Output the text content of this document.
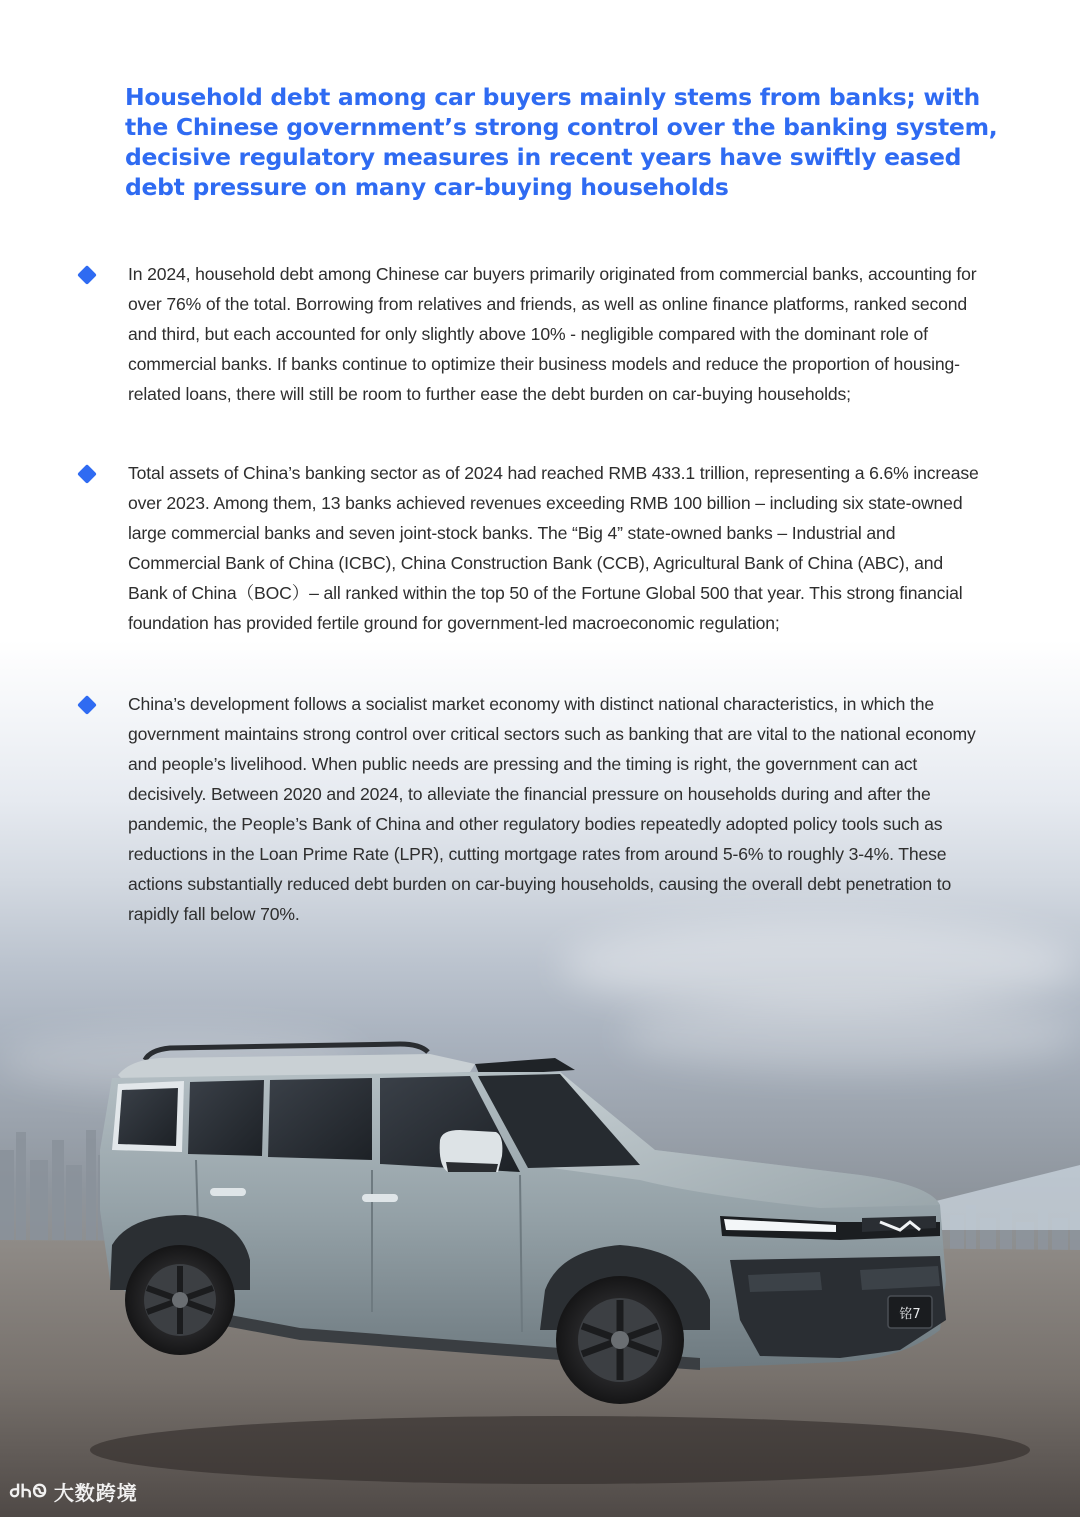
Household debt among car buyers mainly stems from banks; with the Chinese government’s strong control over the banking system, decisive regulatory measures in recent years have swiftly eased debt pressure on many car-buying households
In 2024, household debt among Chinese car buyers primarily originated from commercial banks, accounting for over 76% of the total. Borrowing from relatives and friends, as well as online finance platforms, ranked second and third, but each accounted for only slightly above 10% - negligible compared with the dominant role of commercial banks. If banks continue to optimize their business models and reduce the proportion of housing-related loans, there will still be room to further ease the debt burden on car-buying households;
Total assets of China’s banking sector as of 2024 had reached RMB 433.1 trillion, representing a 6.6% increase over 2023. Among them, 13 banks achieved revenues exceeding RMB 100 billion – including six state-owned large commercial banks and seven joint-stock banks. The “Big 4” state-owned banks – Industrial and Commercial Bank of China (ICBC), China Construction Bank (CCB), Agricultural Bank of China (ABC), and Bank of China（BOC）– all ranked within the top 50 of the Fortune Global 500 that year. This strong financial foundation has provided fertile ground for government-led macroeconomic regulation;
China’s development follows a socialist market economy with distinct national characteristics, in which the government maintains strong control over critical sectors such as banking that are vital to the national economy and people’s livelihood. When public needs are pressing and the timing is right, the government can act decisively. Between 2020 and 2024, to alleviate the financial pressure on households during and after the pandemic, the People’s Bank of China and other regulatory bodies repeatedly adopted policy tools such as reductions in the Loan Prime Rate (LPR), cutting mortgage rates from around 5-6% to roughly 3-4%. These actions substantially reduced debt burden on car-buying households, causing the overall debt penetration to rapidly fall below 70%.
铭7
ᏧᏂᏫ 大数跨境
